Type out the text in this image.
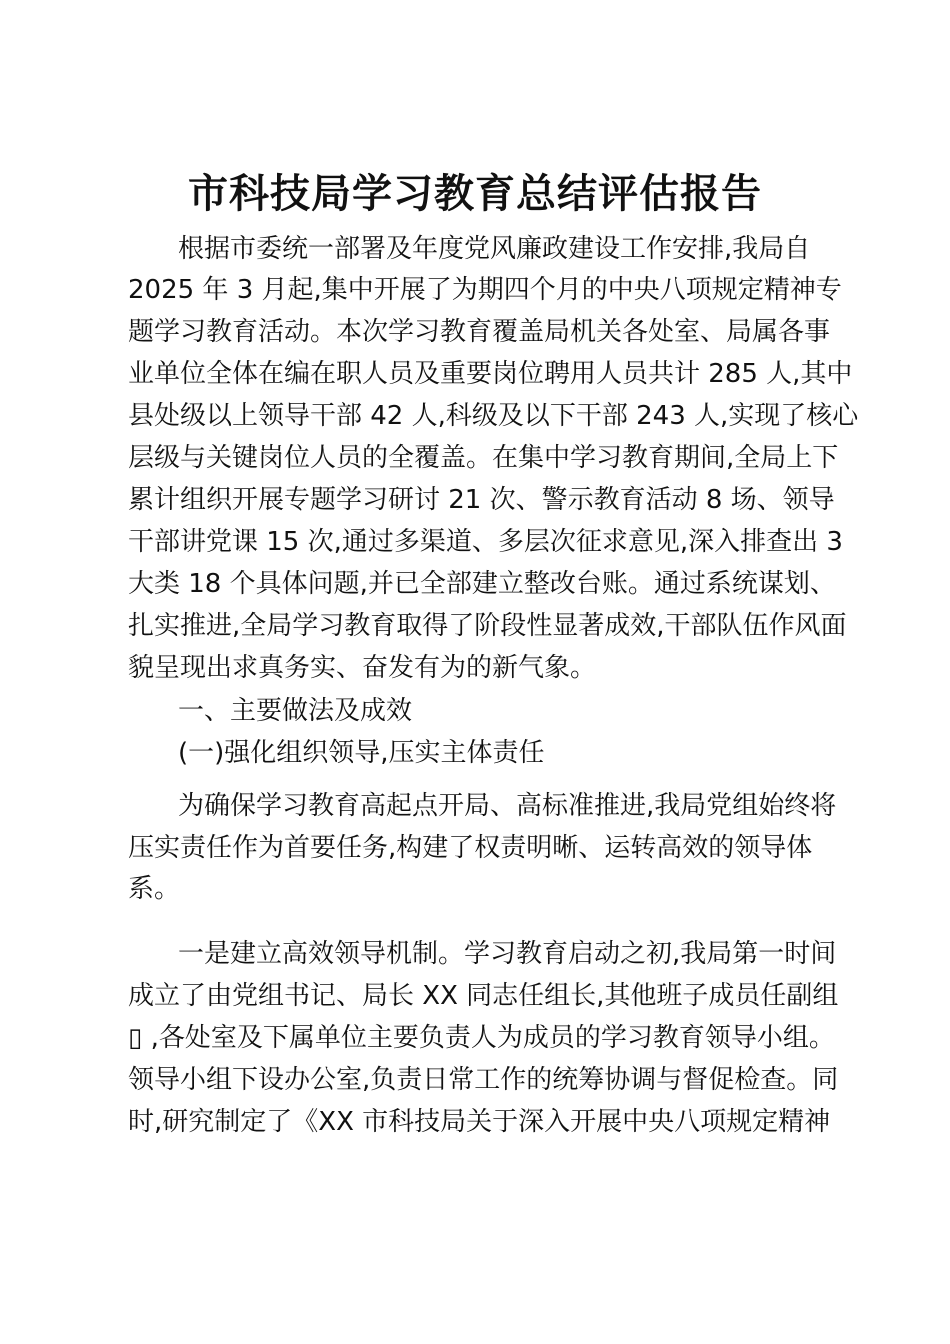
市科技局学习教育总结评估报告

根据市委统一部署及年度党风廉政建设工作安排,我局自

2025 年 3 月起,集中开展了为期四个月的中央八项规定精神专

题学习教育活动。本次学习教育覆盖局机关各处室、局属各事

业单位全体在编在职人员及重要岗位聘用人员共计 285 人,其中

县处级以上领导干部 42 人,科级及以下干部 243 人,实现了核心

层级与关键岗位人员的全覆盖。在集中学习教育期间,全局上下

累计组织开展专题学习研讨 21 次、警示教育活动 8 场、领导

干部讲党课 15 次,通过多渠道、多层次征求意见,深入排查出 3

大类 18 个具体问题,并已全部建立整改台账。通过系统谋划、

扎实推进,全局学习教育取得了阶段性显著成效,干部队伍作风面

貌呈现出求真务实、奋发有为的新气象。

一、主要做法及成效

(一)强化组织领导,压实主体责任

为确保学习教育高起点开局、高标准推进,我局党组始终将

压实责任作为首要任务,构建了权责明晰、运转高效的领导体

系。

一是建立高效领导机制。学习教育启动之初,我局第一时间

成立了由党组书记、局长 XX 同志任组长,其他班子成员任副组

▯ ,各处室及下属单位主要负责人为成员的学习教育领导小组。

领导小组下设办公室,负责日常工作的统筹协调与督促检查。同

时,研究制定了《XX 市科技局关于深入开展中央八项规定精神
